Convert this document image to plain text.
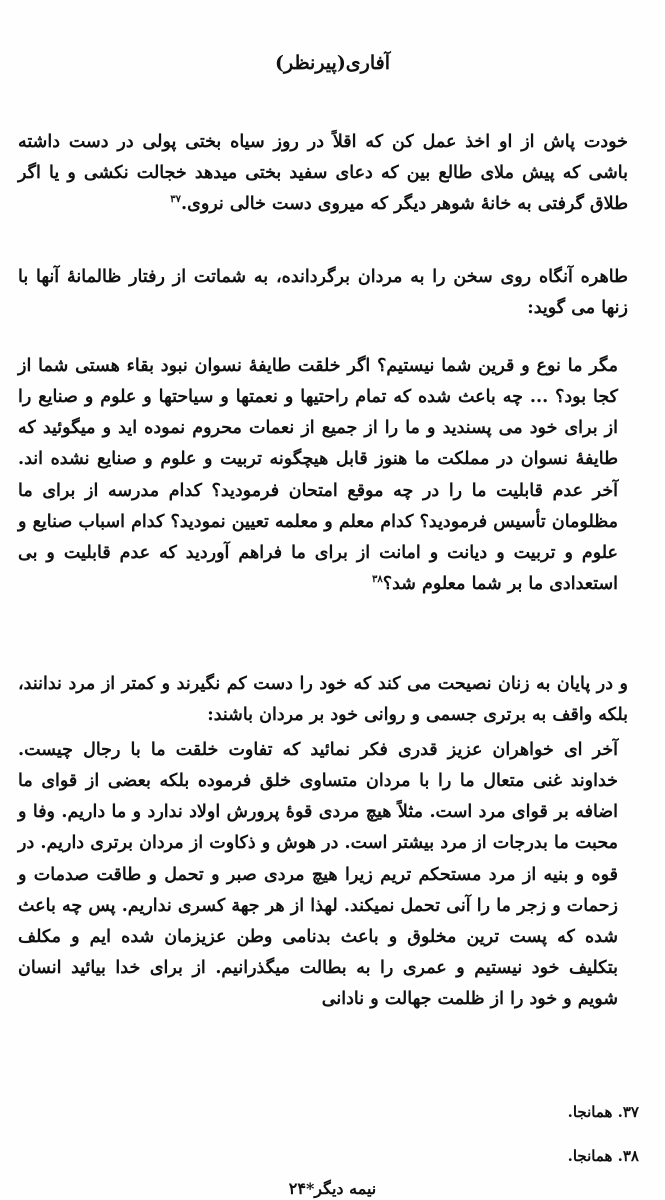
آفاری(پیرنظر)

خودت پاش از او اخذ عمل کن که اقلاً در روز سیاه بختی پولی در دست داشته باشی که پیش ملای طالع بین که دعای سفید بختی میدهد خجالت نکشی و یا اگر طلاق گرفتی به خانهٔ شوهر دیگر که میروی دست خالی نروی.$^{۳۷}$

طاهره آنگاه روی سخن را به مردان برگردانده، به شماتت از رفتار ظالمانهٔ آنها با زنها می گوید:

مگر ما نوع و قرین شما نیستیم؟ اگر خلقت طایفهٔ نسوان نبود بقاء هستی شما از کجا بود؟ ... چه باعث شده که تمام راحتیها و نعمتها و سیاحتها و علوم و صنایع را از برای خود می پسندید و ما را از جمیع از نعمات محروم نموده اید و میگوئید که طایفهٔ نسوان در مملکت ما هنوز قابل هیچگونه تربیت و علوم و صنایع نشده اند. آخر عدم قابلیت ما را در چه موقع امتحان فرمودید؟ کدام مدرسه از برای ما مظلومان تأسیس فرمودید؟ کدام معلم و معلمه تعیین نمودید؟ کدام اسباب صنایع و علوم و تربیت و دیانت و امانت از برای ما فراهم آوردید که عدم قابلیت و بی استعدادی ما بر شما معلوم شد؟$^{۳۸}$

و در پایان به زنان نصیحت می کند که خود را دست کم نگیرند و کمتر از مرد ندانند، بلکه واقف به برتری جسمی و روانی خود بر مردان باشند:

آخر ای خواهران عزیز قدری فکر نمائید که تفاوت خلقت ما با رجال چیست. خداوند غنی متعال ما را با مردان متساوی خلق فرموده بلکه بعضی از قوای ما اضافه بر قوای مرد است. مثلاً هیچ مردی قوهٔ پرورش اولاد ندارد و ما داریم. وفا و محبت ما بدرجات از مرد بیشتر است. در هوش و ذکاوت از مردان برتری داریم. در قوه و بنیه از مرد مستحکم تریم زیرا هیچ مردی صبر و تحمل و طاقت صدمات و زحمات و زجر ما را آنی تحمل نمیکند. لهذا از هر جهة کسری نداریم. پس چه باعث شده که پست ترین مخلوق و باعث بدنامی وطن عزیزمان شده ایم و مکلف بتکلیف خود نیستیم و عمری را به بطالت میگذرانیم. از برای خدا بیائید انسان شویم و خود را از ظلمت جهالت و نادانی

۳۷. همانجا.
۳۸. همانجا.
نیمه دیگر*۲۴
